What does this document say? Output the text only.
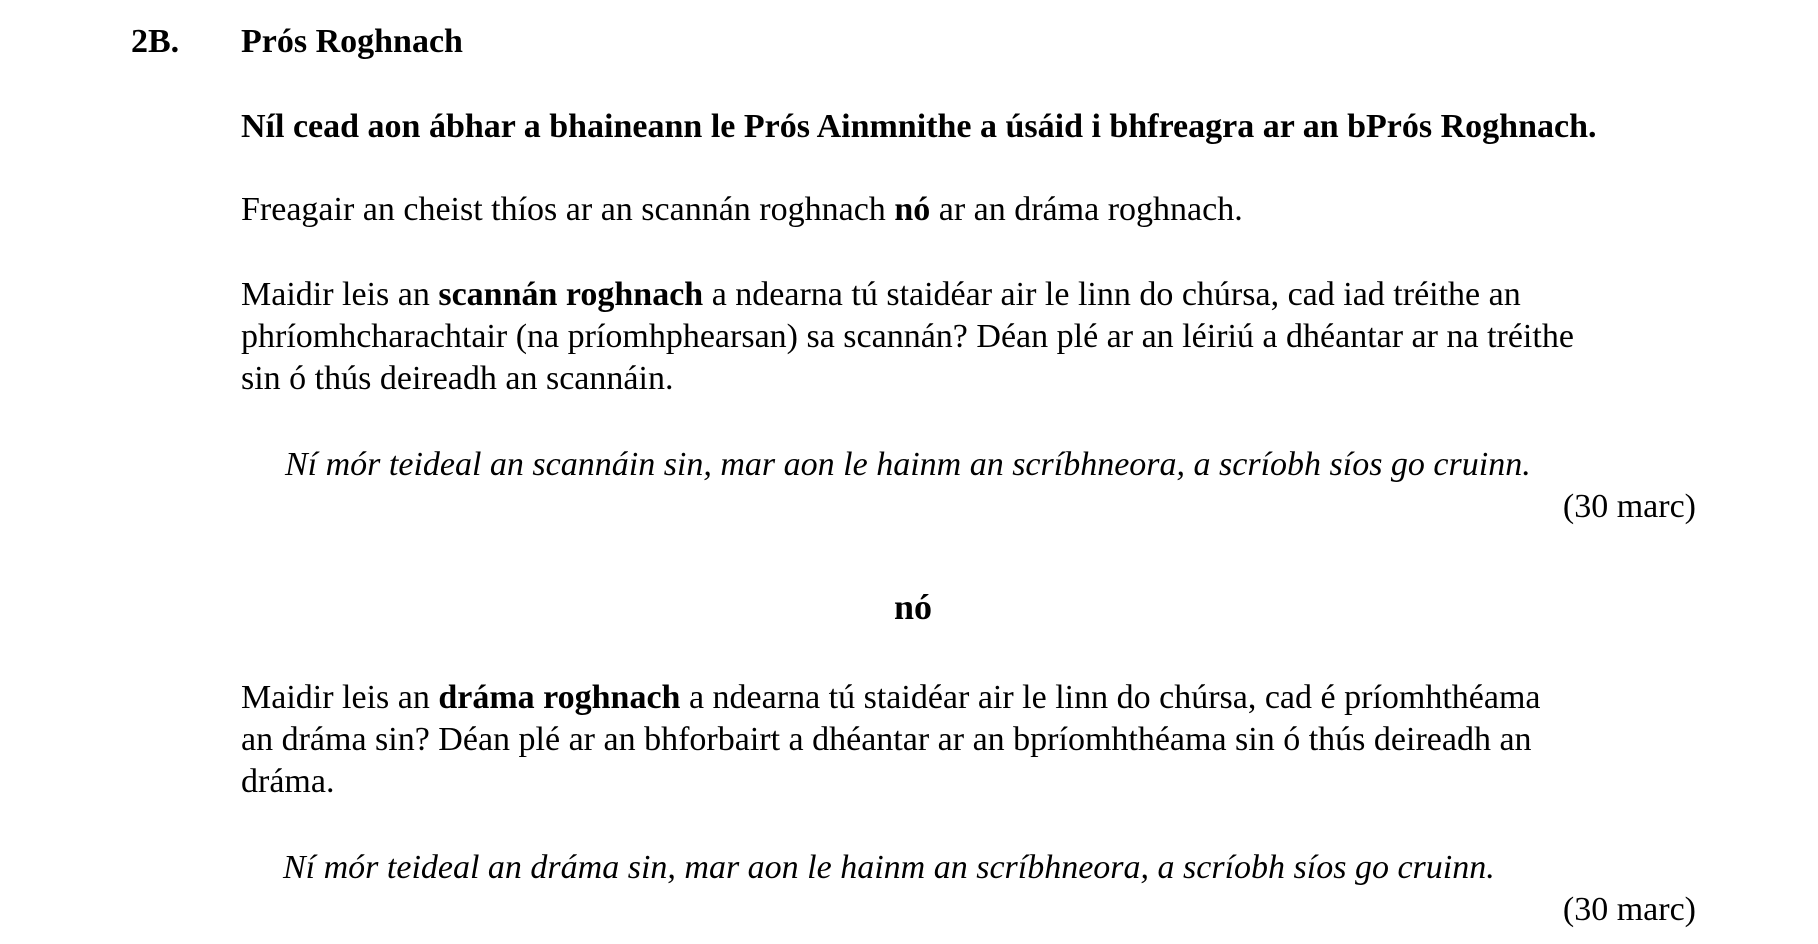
2B. Prós Roghnach
Níl cead aon ábhar a bhaineann le Prós Ainmnithe a úsáid i bhfreagra ar an bPrós Roghnach.
Freagair an cheist thíos ar an scannán roghnach nó ar an dráma roghnach.
Maidir leis an scannán roghnach a ndearna tú staidéar air le linn do chúrsa, cad iad tréithe an
phríomhcharachtair (na príomhphearsan) sa scannán? Déan plé ar an léiriú a dhéantar ar na tréithe
sin ó thús deireadh an scannáin.
Ní mór teideal an scannáin sin, mar aon le hainm an scríbhneora, a scríobh síos go cruinn.
(30 marc)
nó
Maidir leis an dráma roghnach a ndearna tú staidéar air le linn do chúrsa, cad é príomhthéama
an dráma sin? Déan plé ar an bhforbairt a dhéantar ar an bpríomhthéama sin ó thús deireadh an
dráma.
Ní mór teideal an dráma sin, mar aon le hainm an scríbhneora, a scríobh síos go cruinn.
(30 marc)
